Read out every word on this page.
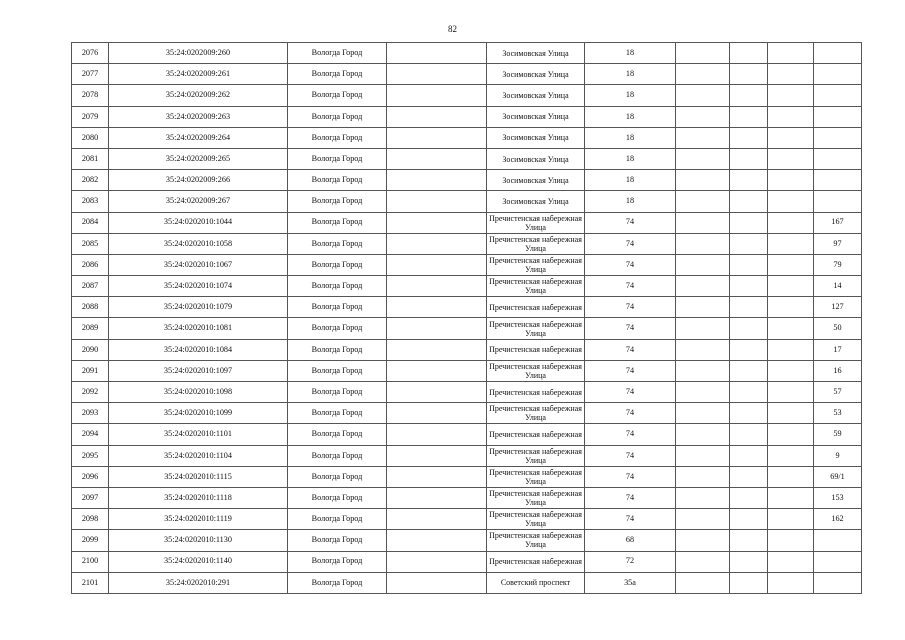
82
2076	35:24:0202009:260	Вологда Город		Зосимовская Улица	18				
2077	35:24:0202009:261	Вологда Город		Зосимовская Улица	18				
2078	35:24:0202009:262	Вологда Город		Зосимовская Улица	18				
2079	35:24:0202009:263	Вологда Город		Зосимовская Улица	18				
2080	35:24:0202009:264	Вологда Город		Зосимовская Улица	18				
2081	35:24:0202009:265	Вологда Город		Зосимовская Улица	18				
2082	35:24:0202009:266	Вологда Город		Зосимовская Улица	18				
2083	35:24:0202009:267	Вологда Город		Зосимовская Улица	18				
2084	35:24:0202010:1044	Вологда Город		Пречистенская набережная Улица	74				167
2085	35:24:0202010:1058	Вологда Город		Пречистенская набережная Улица	74				97
2086	35:24:0202010:1067	Вологда Город		Пречистенская набережная Улица	74				79
2087	35:24:0202010:1074	Вологда Город		Пречистенская набережная Улица	74				14
2088	35:24:0202010:1079	Вологда Город		Пречистенская набережная	74				127
2089	35:24:0202010:1081	Вологда Город		Пречистенская набережная Улица	74				50
2090	35:24:0202010:1084	Вологда Город		Пречистенская набережная	74				17
2091	35:24:0202010:1097	Вологда Город		Пречистенская набережная Улица	74				16
2092	35:24:0202010:1098	Вологда Город		Пречистенская набережная	74				57
2093	35:24:0202010:1099	Вологда Город		Пречистенская набережная Улица	74				53
2094	35:24:0202010:1101	Вологда Город		Пречистенская набережная	74				59
2095	35:24:0202010:1104	Вологда Город		Пречистенская набережная Улица	74				9
2096	35:24:0202010:1115	Вологда Город		Пречистенская набережная Улица	74				69/1
2097	35:24:0202010:1118	Вологда Город		Пречистенская набережная Улица	74				153
2098	35:24:0202010:1119	Вологда Город		Пречистенская набережная Улица	74				162
2099	35:24:0202010:1130	Вологда Город		Пречистенская набережная Улица	68				
2100	35:24:0202010:1140	Вологда Город		Пречистенская набережная	72				
2101	35:24:0202010:291	Вологда Город		Советский проспект	35а				
